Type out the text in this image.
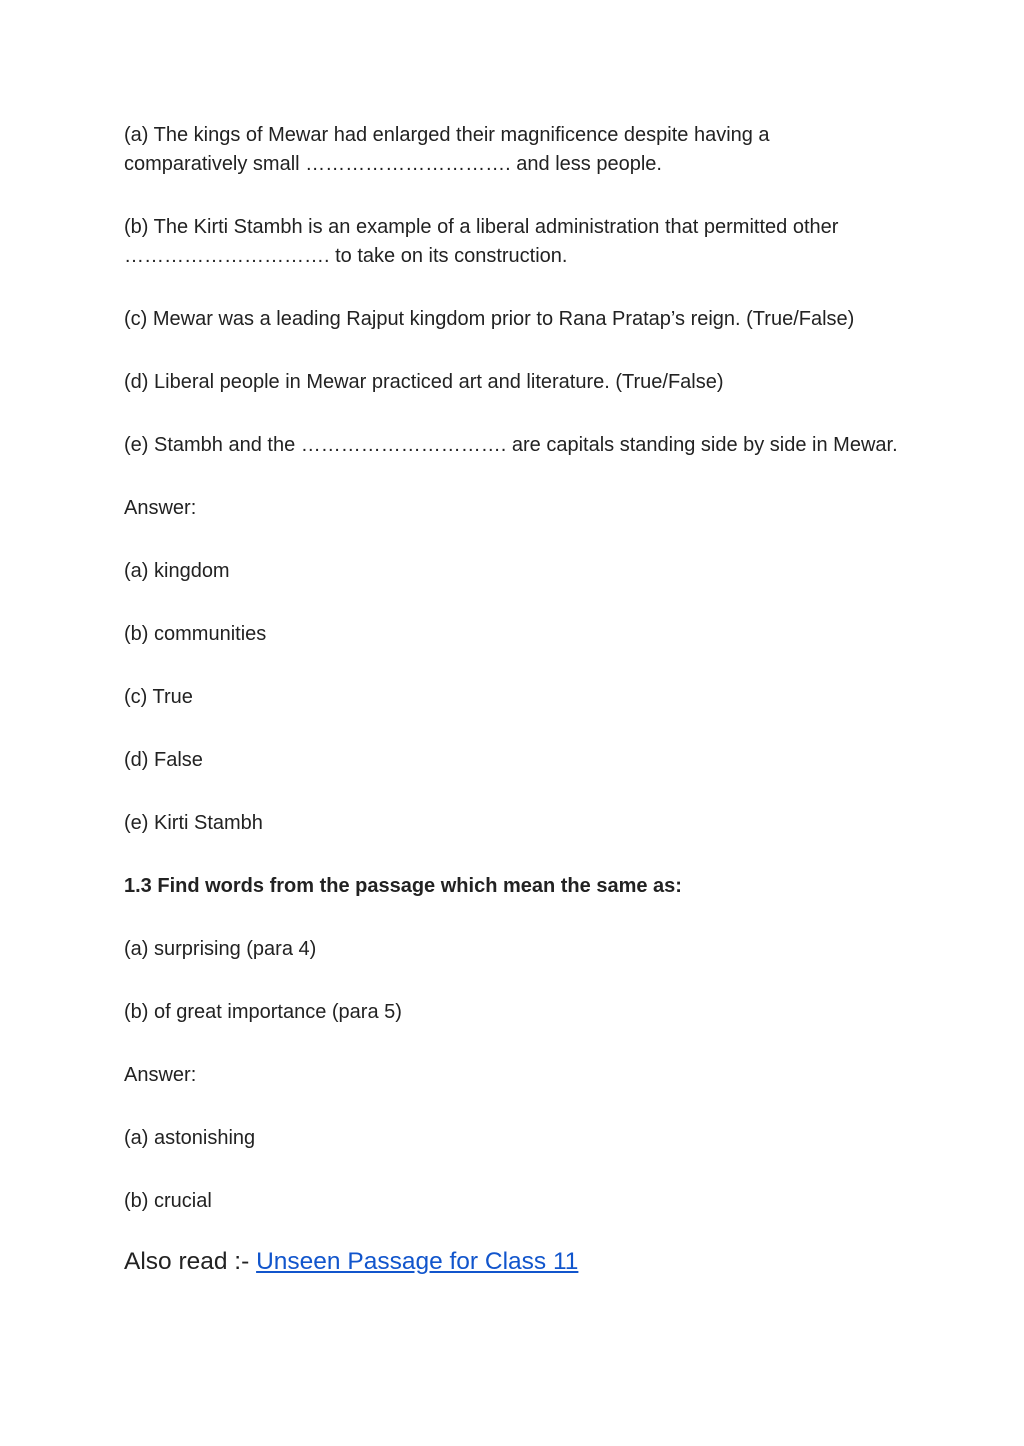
(a) The kings of Mewar had enlarged their magnificence despite having a
comparatively small …………………………. and less people.

(b) The Kirti Stambh is an example of a liberal administration that permitted other
…………………………. to take on its construction.

(c) Mewar was a leading Rajput kingdom prior to Rana Pratap’s reign. (True/False)

(d) Liberal people in Mewar practiced art and literature. (True/False)

(e) Stambh and the …………………………. are capitals standing side by side in Mewar.

Answer:

(a) kingdom

(b) communities

(c) True

(d) False

(e) Kirti Stambh

1.3 Find words from the passage which mean the same as:

(a) surprising (para 4)

(b) of great importance (para 5)

Answer:

(a) astonishing

(b) crucial

Also read :- Unseen Passage for Class 11
